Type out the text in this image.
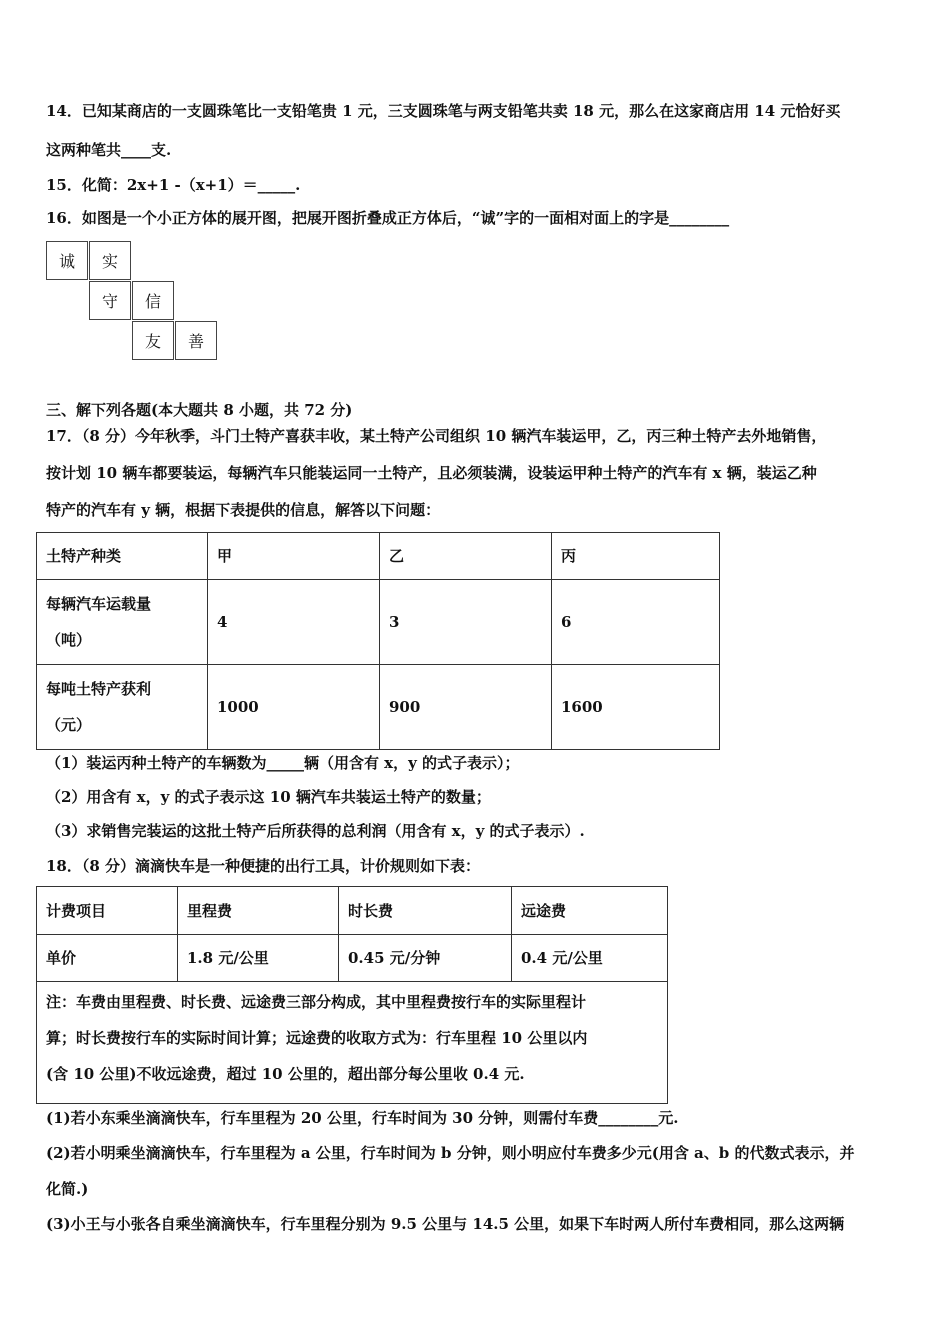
14．已知某商店的一支圆珠笔比一支铅笔贵 1 元，三支圆珠笔与两支铅笔共卖 18 元，那么在这家商店用 14 元恰好买
这两种笔共____支.
15．化简：2x+1 -（x+1）＝_____.
16．如图是一个小正方体的展开图，把展开图折叠成正方体后，“诚”字的一面相对面上的字是________
诚	实
守	信
友	善
三、解下列各题(本大题共 8 小题，共 72 分)
17．（8 分）今年秋季，斗门土特产喜获丰收，某土特产公司组织 10 辆汽车装运甲，乙，丙三种土特产去外地销售，
按计划 10 辆车都要装运，每辆汽车只能装运同一土特产，且必须装满，设装运甲种土特产的汽车有 x 辆，装运乙种
特产的汽车有 y 辆，根据下表提供的信息，解答以下问题：
土特产种类	甲	乙	丙

每辆汽车运载量
（吨）	4	3	6

每吨土特产获利
（元）	1000	900	1600
（1）装运丙种土特产的车辆数为_____辆（用含有 x，y 的式子表示）；
（2）用含有 x，y 的式子表示这 10 辆汽车共装运土特产的数量；
（3）求销售完装运的这批土特产后所获得的总利润（用含有 x，y 的式子表示）.
18．（8 分）滴滴快车是一种便捷的出行工具，计价规则如下表：
计费项目	里程费	时长费	远途费
单价	1.8 元/公里	0.45 元/分钟	0.4 元/公里

注：车费由里程费、时长费、远途费三部分构成，其中里程费按行车的实际里程计
算；时长费按行车的实际时间计算；远途费的收取方式为：行车里程 10 公里以内
(含 10 公里)不收远途费，超过 10 公里的，超出部分每公里收 0.4 元.			
(1)若小东乘坐滴滴快车，行车里程为 20 公里，行车时间为 30 分钟，则需付车费________元.
(2)若小明乘坐滴滴快车，行车里程为 a 公里，行车时间为 b 分钟，则小明应付车费多少元(用含 a、b 的代数式表示，并
化简.)
(3)小王与小张各自乘坐滴滴快车，行车里程分别为 9.5 公里与 14.5 公里，如果下车时两人所付车费相同，那么这两辆
